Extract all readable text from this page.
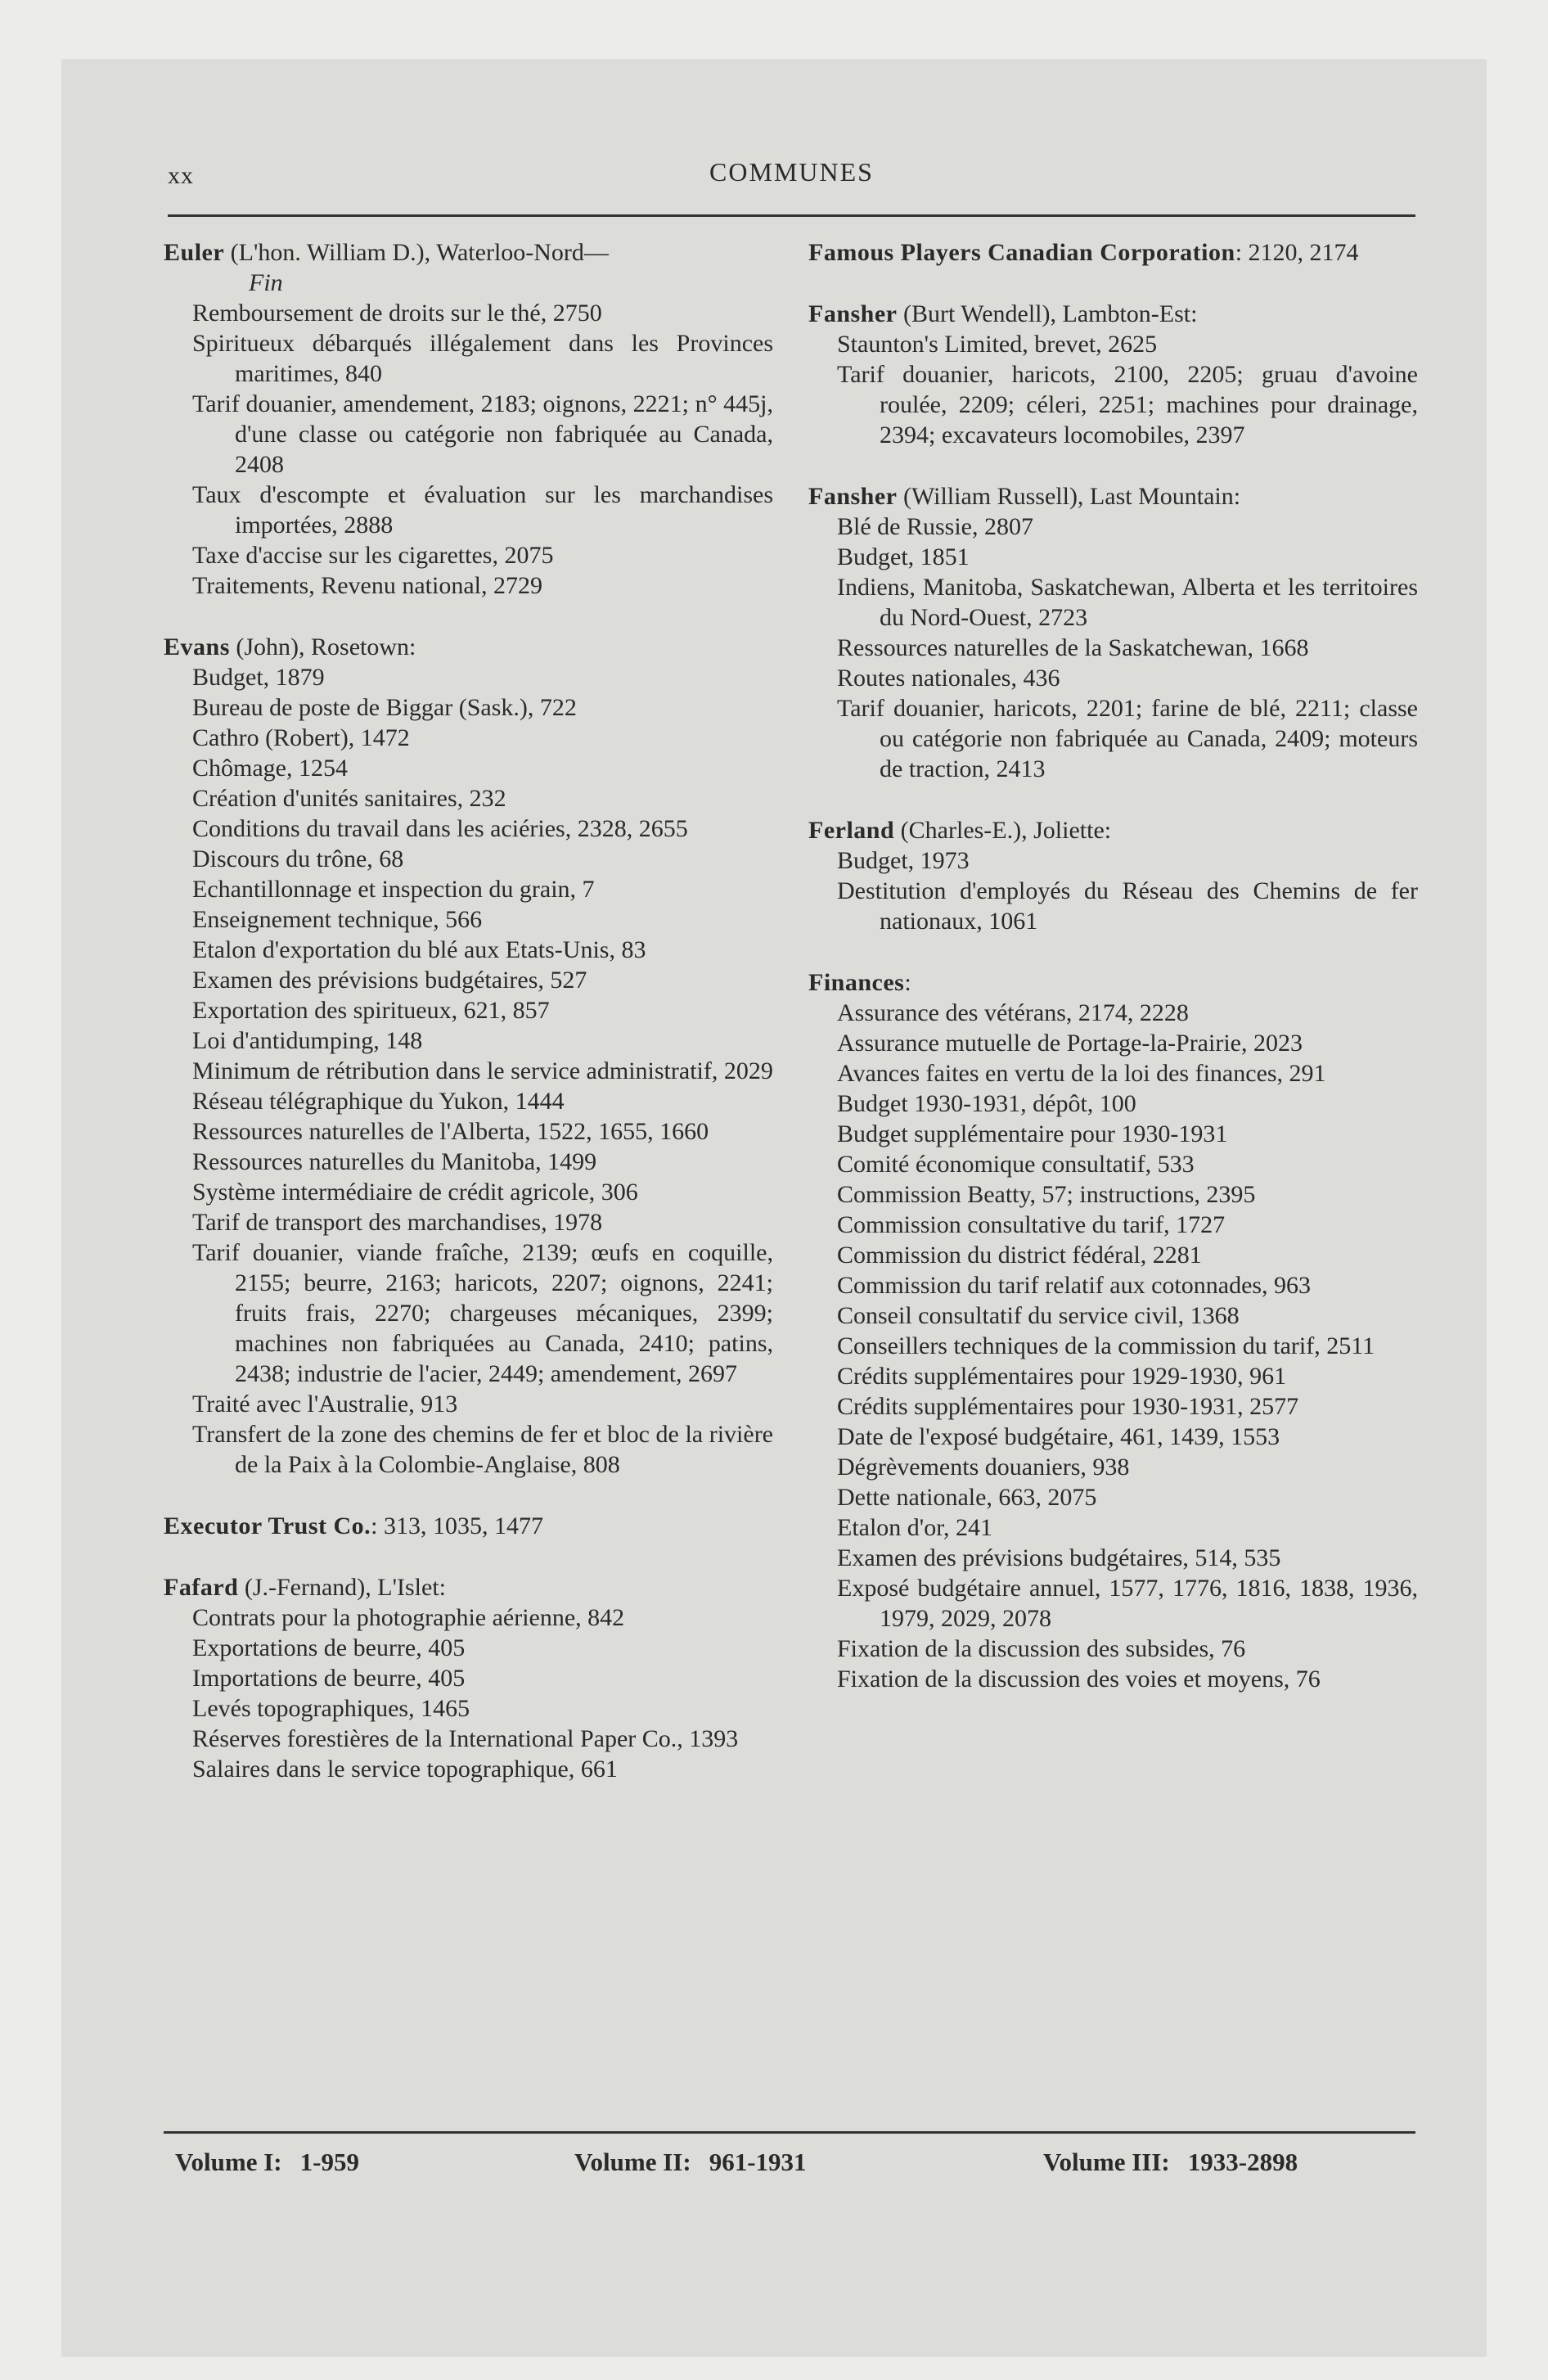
xx	COMMUNES
Euler (L'hon. William D.), Waterloo-Nord—
Fin
Remboursement de droits sur le thé, 2750
Spiritueux débarqués illégalement dans les Provinces maritimes, 840
Tarif douanier, amendement, 2183; oignons, 2221; n° 445j, d'une classe ou catégorie non fabriquée au Canada, 2408
Taux d'escompte et évaluation sur les marchandises importées, 2888
Taxe d'accise sur les cigarettes, 2075
Traitements, Revenu national, 2729
Evans (John), Rosetown:
Budget, 1879
Bureau de poste de Biggar (Sask.), 722
Cathro (Robert), 1472
Chômage, 1254
Création d'unités sanitaires, 232
Conditions du travail dans les aciéries, 2328, 2655
Discours du trône, 68
Echantillonnage et inspection du grain, 7
Enseignement technique, 566
Etalon d'exportation du blé aux Etats-Unis, 83
Examen des prévisions budgétaires, 527
Exportation des spiritueux, 621, 857
Loi d'antidumping, 148
Minimum de rétribution dans le service administratif, 2029
Réseau télégraphique du Yukon, 1444
Ressources naturelles de l'Alberta, 1522, 1655, 1660
Ressources naturelles du Manitoba, 1499
Système intermédiaire de crédit agricole, 306
Tarif de transport des marchandises, 1978
Tarif douanier, viande fraîche, 2139; œufs en coquille, 2155; beurre, 2163; haricots, 2207; oignons, 2241; fruits frais, 2270; chargeuses mécaniques, 2399; machines non fabriquées au Canada, 2410; patins, 2438; industrie de l'acier, 2449; amendement, 2697
Traité avec l'Australie, 913
Transfert de la zone des chemins de fer et bloc de la rivière de la Paix à la Colombie-Anglaise, 808
Executor Trust Co.: 313, 1035, 1477
Fafard (J.-Fernand), L'Islet:
Contrats pour la photographie aérienne, 842
Exportations de beurre, 405
Importations de beurre, 405
Levés topographiques, 1465
Réserves forestières de la International Paper Co., 1393
Salaires dans le service topographique, 661
Famous Players Canadian Corporation: 2120, 2174
Fansher (Burt Wendell), Lambton-Est:
Staunton's Limited, brevet, 2625
Tarif douanier, haricots, 2100, 2205; gruau d'avoine roulée, 2209; céleri, 2251; machines pour drainage, 2394; excavateurs locomobiles, 2397
Fansher (William Russell), Last Mountain:
Blé de Russie, 2807
Budget, 1851
Indiens, Manitoba, Saskatchewan, Alberta et les territoires du Nord-Ouest, 2723
Ressources naturelles de la Saskatchewan, 1668
Routes nationales, 436
Tarif douanier, haricots, 2201; farine de blé, 2211; classe ou catégorie non fabriquée au Canada, 2409; moteurs de traction, 2413
Ferland (Charles-E.), Joliette:
Budget, 1973
Destitution d'employés du Réseau des Chemins de fer nationaux, 1061
Finances:
Assurance des vétérans, 2174, 2228
Assurance mutuelle de Portage-la-Prairie, 2023
Avances faites en vertu de la loi des finances, 291
Budget 1930-1931, dépôt, 100
Budget supplémentaire pour 1930-1931
Comité économique consultatif, 533
Commission Beatty, 57; instructions, 2395
Commission consultative du tarif, 1727
Commission du district fédéral, 2281
Commission du tarif relatif aux cotonnades, 963
Conseil consultatif du service civil, 1368
Conseillers techniques de la commission du tarif, 2511
Crédits supplémentaires pour 1929-1930, 961
Crédits supplémentaires pour 1930-1931, 2577
Date de l'exposé budgétaire, 461, 1439, 1553
Dégrèvements douaniers, 938
Dette nationale, 663, 2075
Etalon d'or, 241
Examen des prévisions budgétaires, 514, 535
Exposé budgétaire annuel, 1577, 1776, 1816, 1838, 1936, 1979, 2029, 2078
Fixation de la discussion des subsides, 76
Fixation de la discussion des voies et moyens, 76
Volume I: 1-959	Volume II: 961-1931	Volume III: 1933-2898
